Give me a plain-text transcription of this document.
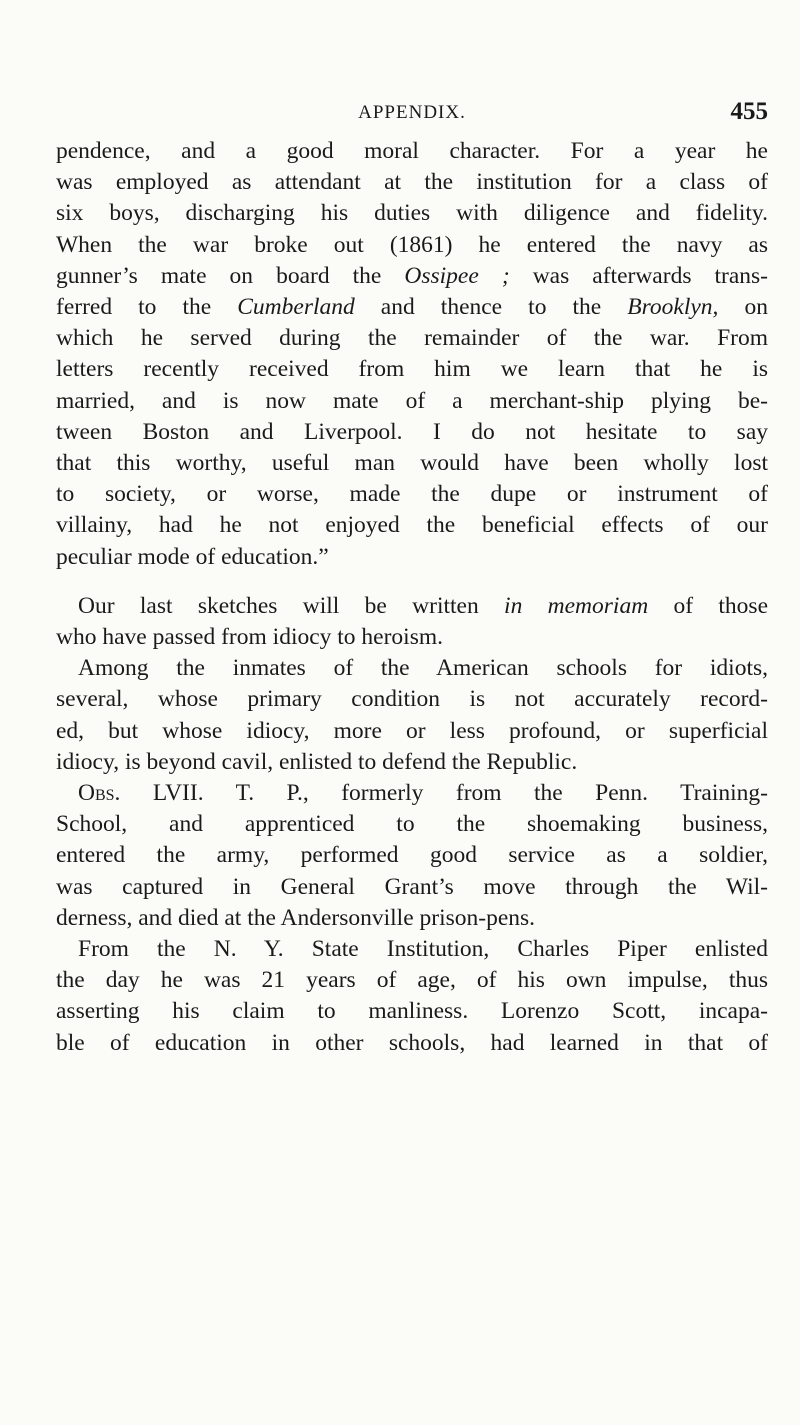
APPENDIX.	455

pendence, and a good moral character. For a year he
was employed as attendant at the institution for a class of
six boys, discharging his duties with diligence and fidelity.
When the war broke out (1861) he entered the navy as
gunner’s mate on board the Ossipee ; was afterwards trans-
ferred to the Cumberland and thence to the Brooklyn, on
which he served during the remainder of the war. From
letters recently received from him we learn that he is
married, and is now mate of a merchant-ship plying be-
tween Boston and Liverpool. I do not hesitate to say
that this worthy, useful man would have been wholly lost
to society, or worse, made the dupe or instrument of
villainy, had he not enjoyed the beneficial effects of our
peculiar mode of education.”

Our last sketches will be written in memoriam of those
who have passed from idiocy to heroism.

Among the inmates of the American schools for idiots,
several, whose primary condition is not accurately record-
ed, but whose idiocy, more or less profound, or superficial
idiocy, is beyond cavil, enlisted to defend the Republic.

Obs. LVII. T. P., formerly from the Penn. Training-
School, and apprenticed to the shoemaking business,
entered the army, performed good service as a soldier,
was captured in General Grant’s move through the Wil-
derness, and died at the Andersonville prison-pens.

From the N. Y. State Institution, Charles Piper enlisted
the day he was 21 years of age, of his own impulse, thus
asserting his claim to manliness. Lorenzo Scott, incapa-
ble of education in other schools, had learned in that of
